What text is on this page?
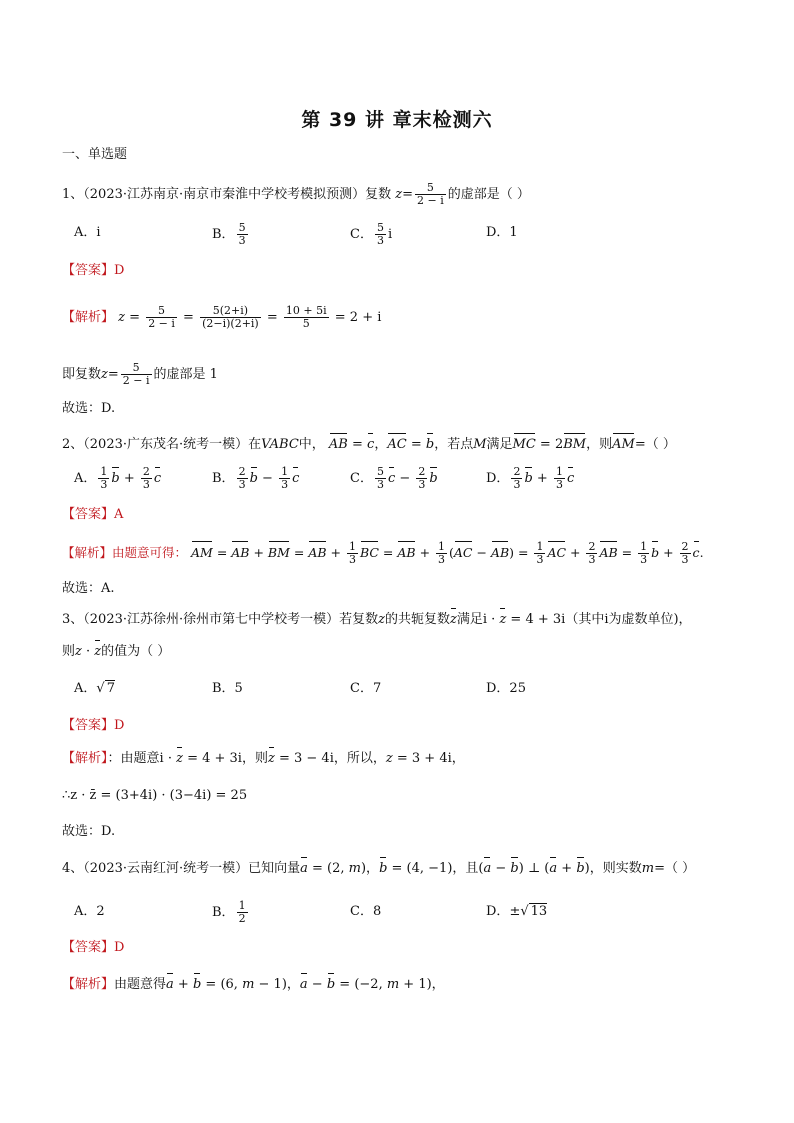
第 39 讲 章末检测六
一、单选题
1、（2023·江苏南京·南京市秦淮中学校考模拟预测）复数 $z= \frac{5}{2 - i}$ 的虚部是（ ）
A．i	B． $\frac{5}{3}$	C． $\frac{5}{3}$ i	D．1
【答案】D
【解析】 $z = \frac{5}{2 - i} = \frac{5(2+i)}{(2-i)(2+i)} = \frac{10 + 5i}{5} = 2 + i$
即复数$z= \frac{5}{2 - i}$ 的虚部是 1
故选：D.
2、（2023·广东茂名·统考一模）在VABC中， AB = c，AC = b，若点M满足MC = 2BM，则AM=（ ）
A． $\frac{1}{3}$ $b + \frac{2}{3}$ c	B． $\frac{2}{3}$ $b - \frac{1}{3}$ c	C． $\frac{5}{3}$ $c - \frac{2}{3}$ b	D． $\frac{2}{3}$ $b + \frac{1}{3}$ c
【答案】A
【解析】由题意可得： AM = AB + BM = AB + $\frac{1}{3}$ BC = AB + $\frac{1}{3} (AC - AB) = \frac{1}{3}$ AC + $\frac{2}{3}$ AB = $\frac{1}{3}$ $b + \frac{2}{3} c$.
故选：A.
3、（2023·江苏徐州·徐州市第七中学校考一模）若复数z的共轭复数z满足i · z = 4 + 3i（其中i为虚数单位)，
则z · z的值为（ ）
A．√ 7	B．5	C．7	D．25
【答案】D
【解析】：由题意i · z = 4 + 3i，则z = 3 − 4i，所以，z = 3 + 4i，
∴z · z̄ = (3+4i) · (3−4i) = 25
故选：D.
4、（2023·云南红河·统考一模）已知向量a = (2, m)，b = (4, −1)，且(a − b) ⊥ (a + b)，则实数m=（ ）
A．2	B． $\frac{1}{2}$	C．8	D．±√ 13
【答案】D
【解析】由题意得a + b = (6, m − 1)，a − b = (−2, m + 1)，
